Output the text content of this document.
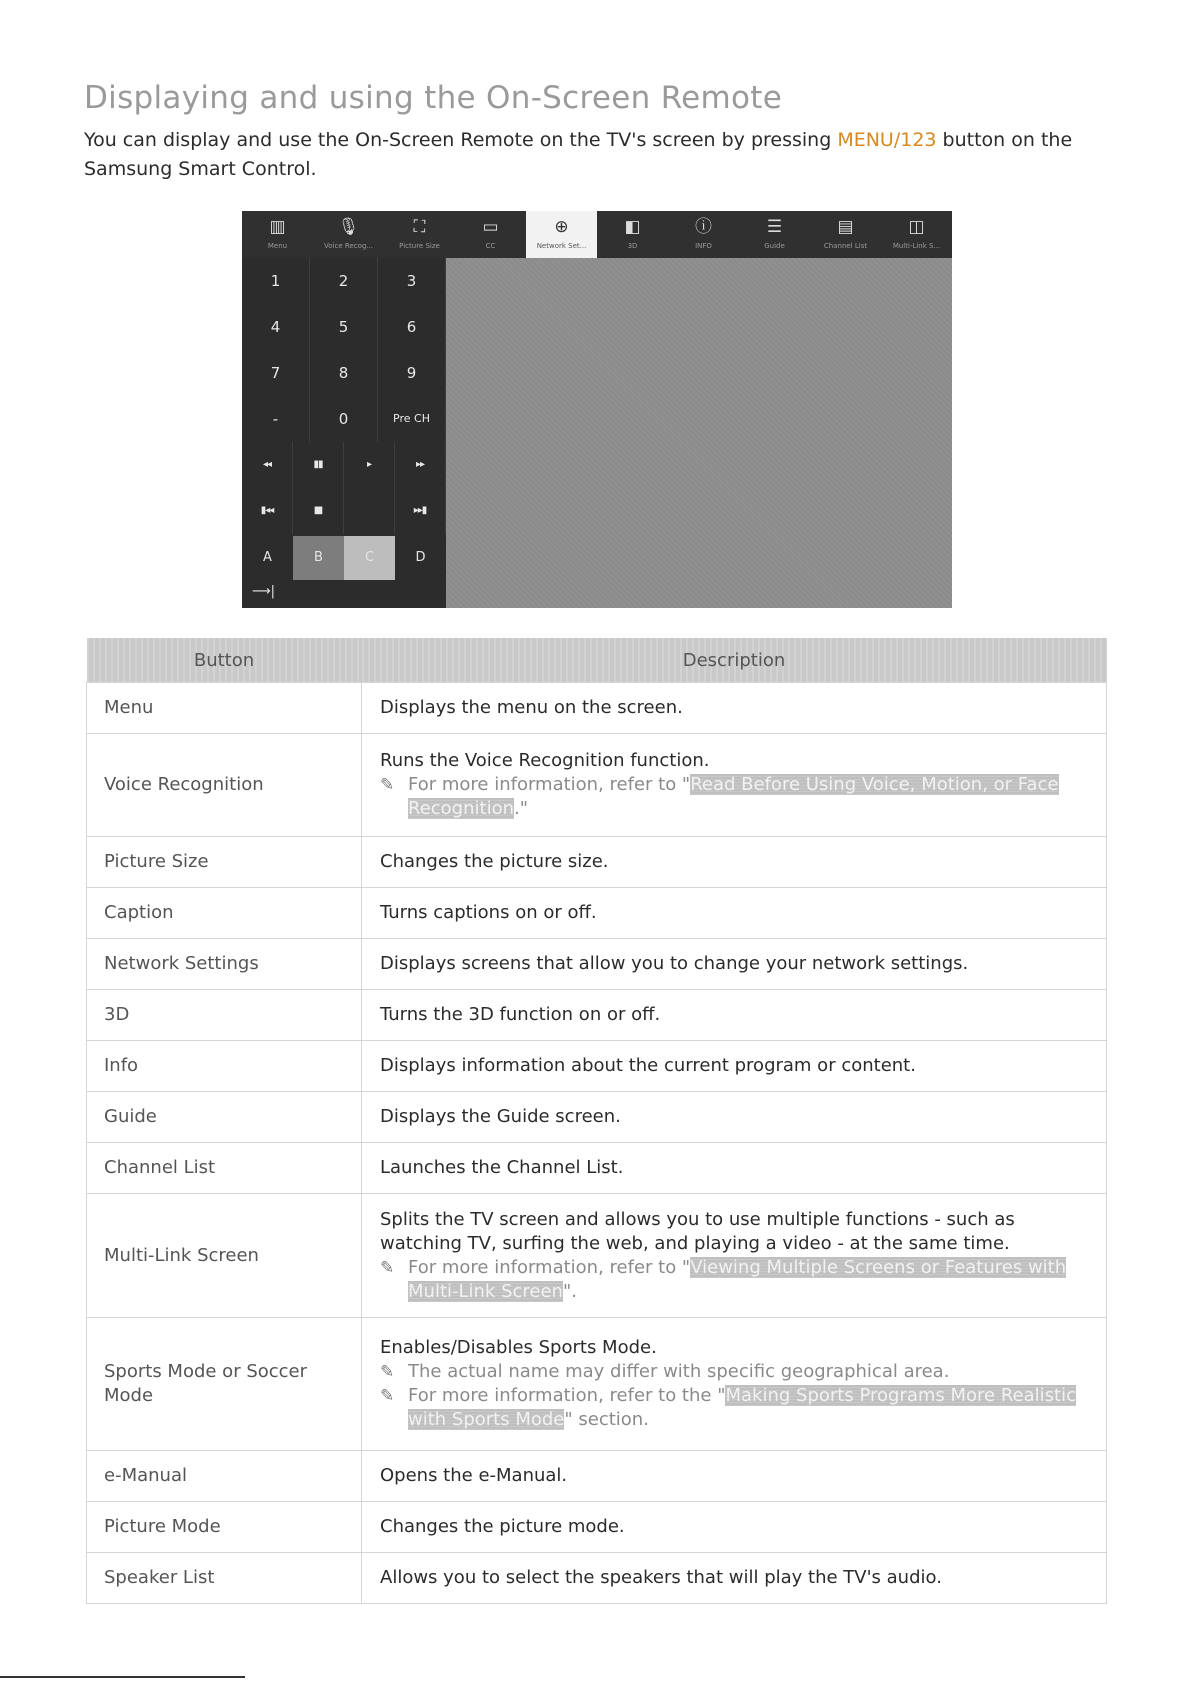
Displaying and using the On-Screen Remote
You can display and use the On-Screen Remote on the TV's screen by pressing MENU/123 button on the Samsung Smart Control.
▥
Menu
🎙
Voice Recog...
⛶
Picture Size
▭
CC
⊕
Network Set...
◧
3D
ⓘ
INFO
☰
Guide
▤
Channel List
◫
Multi-Link S...
▮◂◂	■	▸▸▮
◂◂	▮▮	▸	▸▸
-	0	Pre CH
7	8	9
4	5	6
1	2	3
A	B	C	D
⟶|
Button	Description
Menu	Displays the menu on the screen.

Voice Recognition	Runs the Voice Recognition function.
✎ For more information, refer to "Read Before Using Voice, Motion, or Face Recognition."

Picture Size	Changes the picture size.

Caption	Turns captions on or off.

Network Settings	Displays screens that allow you to change your network settings.

3D	Turns the 3D function on or off.

Info	Displays information about the current program or content.

Guide	Displays the Guide screen.

Channel List	Launches the Channel List.

Multi-Link Screen	Splits the TV screen and allows you to use multiple functions - such as watching TV, surfing the web, and playing a video - at the same time.
✎ For more information, refer to "Viewing Multiple Screens or Features with Multi-Link Screen".

Sports Mode or Soccer Mode	Enables/Disables Sports Mode.
✎ The actual name may differ with specific geographical area.
✎ For more information, refer to the "Making Sports Programs More Realistic with Sports Mode" section.

e-Manual	Opens the e-Manual.

Picture Mode	Changes the picture mode.

Speaker List	Allows you to select the speakers that will play the TV's audio.
